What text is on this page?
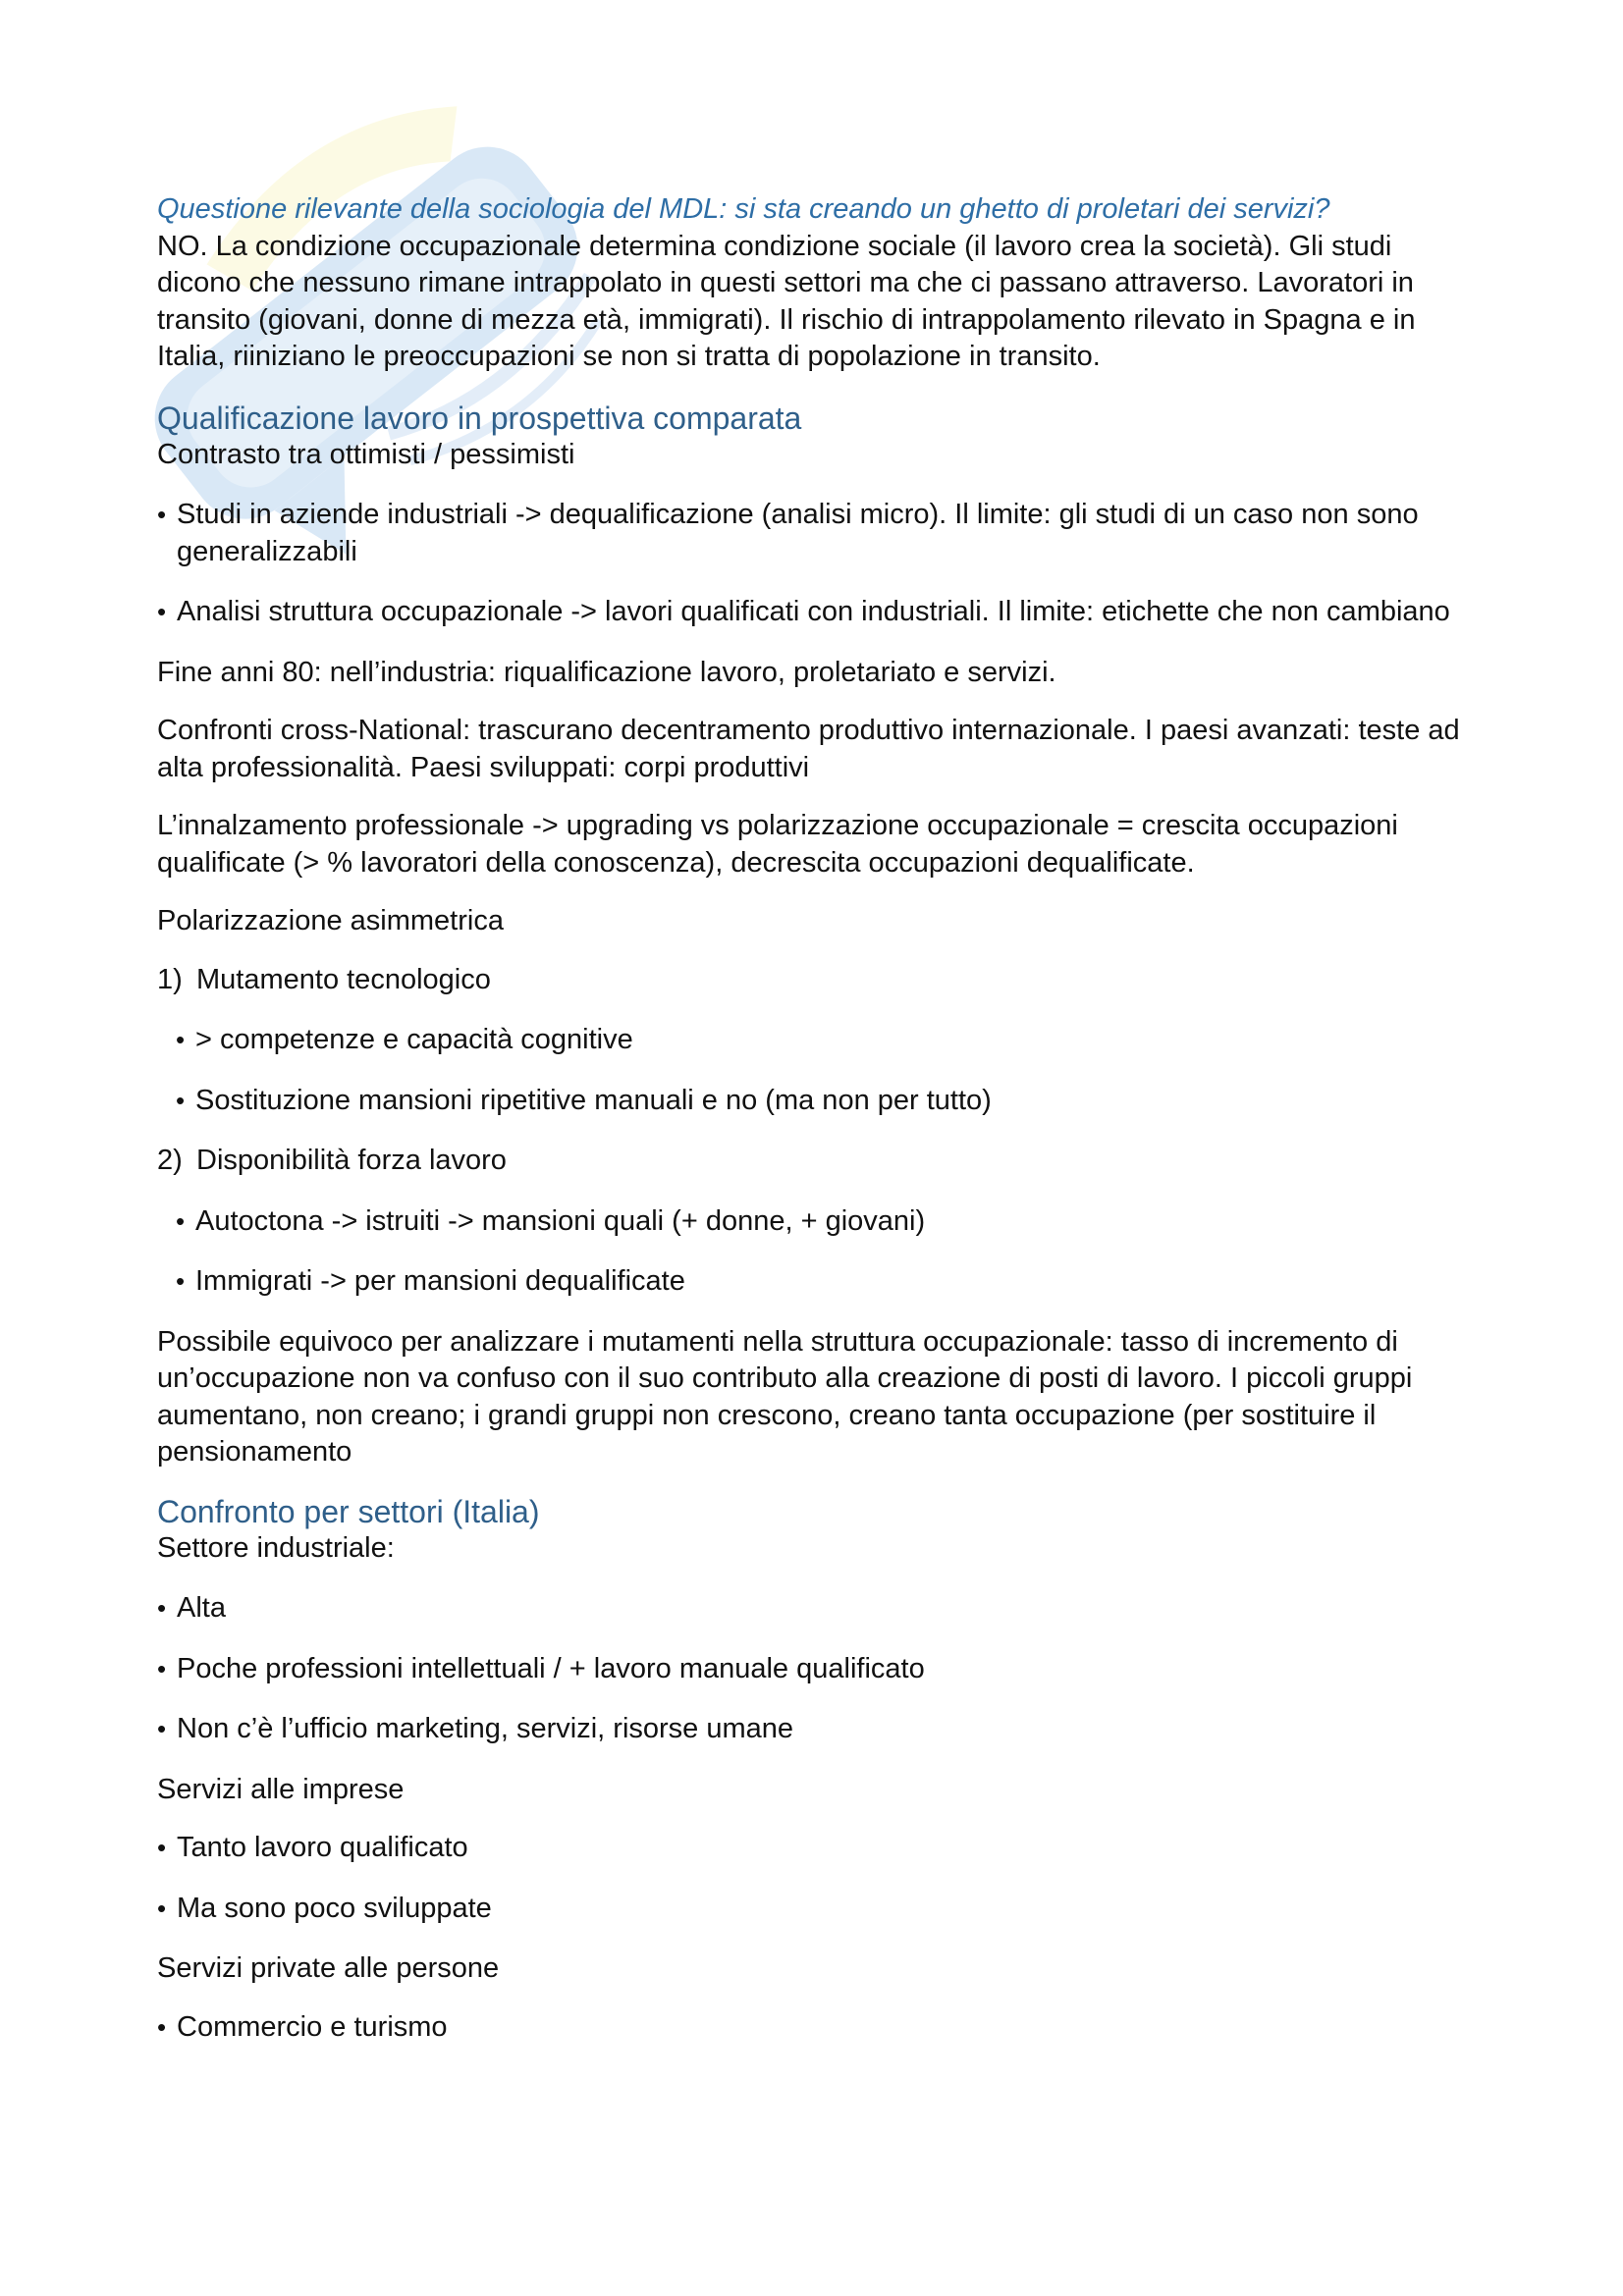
Questione rilevante della sociologia del MDL: si sta creando un ghetto di proletari dei servizi?

NO. La condizione occupazionale determina condizione sociale (il lavoro crea la società). Gli studi dicono che nessuno rimane intrappolato in questi settori ma che ci passano attraverso. Lavoratori in transito (giovani, donne di mezza età, immigrati). Il rischio di intrappolamento rilevato in Spagna e in Italia, riiniziano le preoccupazioni se non si tratta di popolazione in transito.

Qualificazione lavoro in prospettiva comparata

Contrasto tra ottimisti / pessimisti

• Studi in aziende industriali -> dequalificazione (analisi micro). Il limite: gli studi di un caso non sono generalizzabili
• Analisi struttura occupazionale -> lavori qualificati con industriali. Il limite: etichette che non cambiano

Fine anni 80: nell’industria: riqualificazione lavoro, proletariato e servizi.

Confronti cross-National: trascurano decentramento produttivo internazionale. I paesi avanzati: teste ad alta professionalità. Paesi sviluppati: corpi produttivi

L’innalzamento professionale -> upgrading vs polarizzazione occupazionale = crescita occupazioni qualificate (> % lavoratori della conoscenza), decrescita occupazioni dequalificate.

Polarizzazione asimmetrica

1) Mutamento tecnologico
• > competenze e capacità cognitive
• Sostituzione mansioni ripetitive manuali e no (ma non per tutto)
2) Disponibilità forza lavoro
• Autoctona -> istruiti -> mansioni quali (+ donne, + giovani)
• Immigrati -> per mansioni dequalificate

Possibile equivoco per analizzare i mutamenti nella struttura occupazionale: tasso di incremento di un’occupazione non va confuso con il suo contributo alla creazione di posti di lavoro. I piccoli gruppi aumentano, non creano; i grandi gruppi non crescono, creano tanta occupazione (per sostituire il pensionamento

Confronto per settori (Italia)

Settore industriale:

• Alta
• Poche professioni intellettuali / + lavoro manuale qualificato
• Non c’è l’ufficio marketing, servizi, risorse umane

Servizi alle imprese

• Tanto lavoro qualificato
• Ma sono poco sviluppate

Servizi private alle persone

• Commercio e turismo
